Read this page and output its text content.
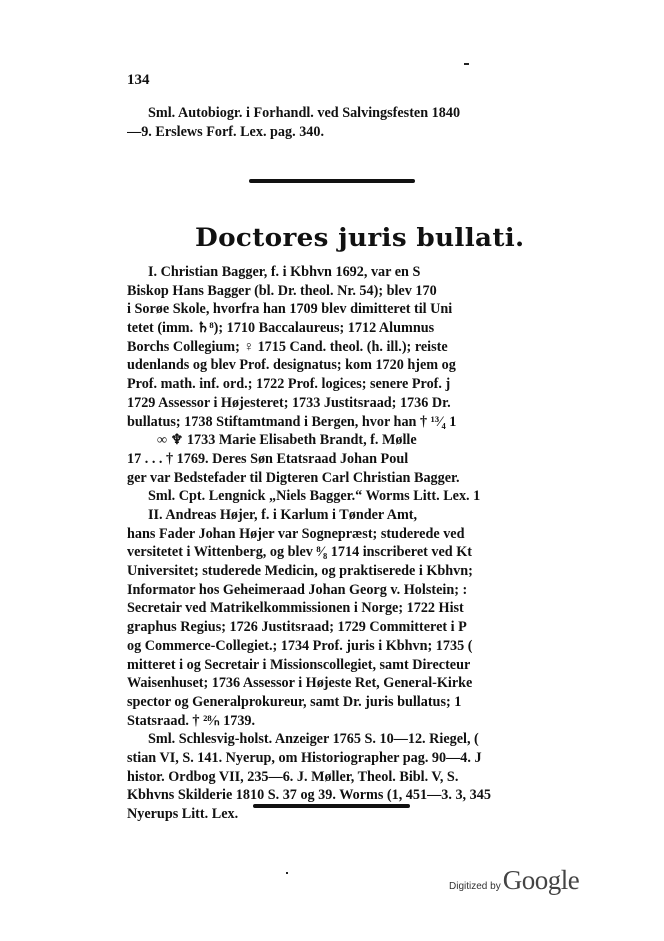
134
Sml. Autobiogr. i Forhandl. ved Salvingsfesten 1840
—9. Erslews Forf. Lex. pag. 340.
Doctores juris bullati.
I. Christian Bagger, f. i Kbhvn 1692, var en S
Biskop Hans Bagger (bl. Dr. theol. Nr. 54); blev 170
i Sorøe Skole, hvorfra han 1709 blev dimitteret til Uni
tetet (imm. ♄⁸); 1710 Baccalaureus; 1712 Alumnus
Borchs Collegium; ♀ 1715 Cand. theol. (h. ill.); reiste
udenlands og blev Prof. designatus; kom 1720 hjem og
Prof. math. inf. ord.; 1722 Prof. logices; senere Prof. j
1729 Assessor i Højesteret; 1733 Justitsraad; 1736 Dr.
bullatus; 1738 Stiftamtmand i Bergen, hvor han † ¹³⁄₄ 1
∞ ♆ 1733 Marie Elisabeth Brandt, f. Mølle
17 . . . † 1769. Deres Søn Etatsraad Johan Poul
ger var Bedstefader til Digteren Carl Christian Bagger.
Sml. Cpt. Lengnick „Niels Bagger.“ Worms Litt. Lex. 1
II. Andreas Højer, f. i Karlum i Tønder Amt,
hans Fader Johan Højer var Sognepræst; studerede ved
versitetet i Wittenberg, og blev ⁸⁄₈ 1714 inscriberet ved Kt
Universitet; studerede Medicin, og praktiserede i Kbhvn;
Informator hos Geheimeraad Johan Georg v. Holstein; :
Secretair ved Matrikelkommissionen i Norge; 1722 Hist
graphus Regius; 1726 Justitsraad; 1729 Committeret i P
og Commerce-Collegiet.; 1734 Prof. juris i Kbhvn; 1735 (
mitteret i og Secretair i Missionscollegiet, samt Directeur
Waisenhuset; 1736 Assessor i Højeste Ret, General-Kirke
spector og Generalprokureur, samt Dr. juris bullatus; 1
Statsraad. † ²⁸⁄ₙ 1739.
Sml. Schlesvig-holst. Anzeiger 1765 S. 10—12. Riegel, (
stian VI, S. 141. Nyerup, om Historiographer pag. 90—4. J
histor. Ordbog VII, 235—6. J. Møller, Theol. Bibl. V, S.
Kbhvns Skilderie 1810 S. 37 og 39. Worms (1, 451—3. 3, 345
Nyerups Litt. Lex.
Digitized by Google
